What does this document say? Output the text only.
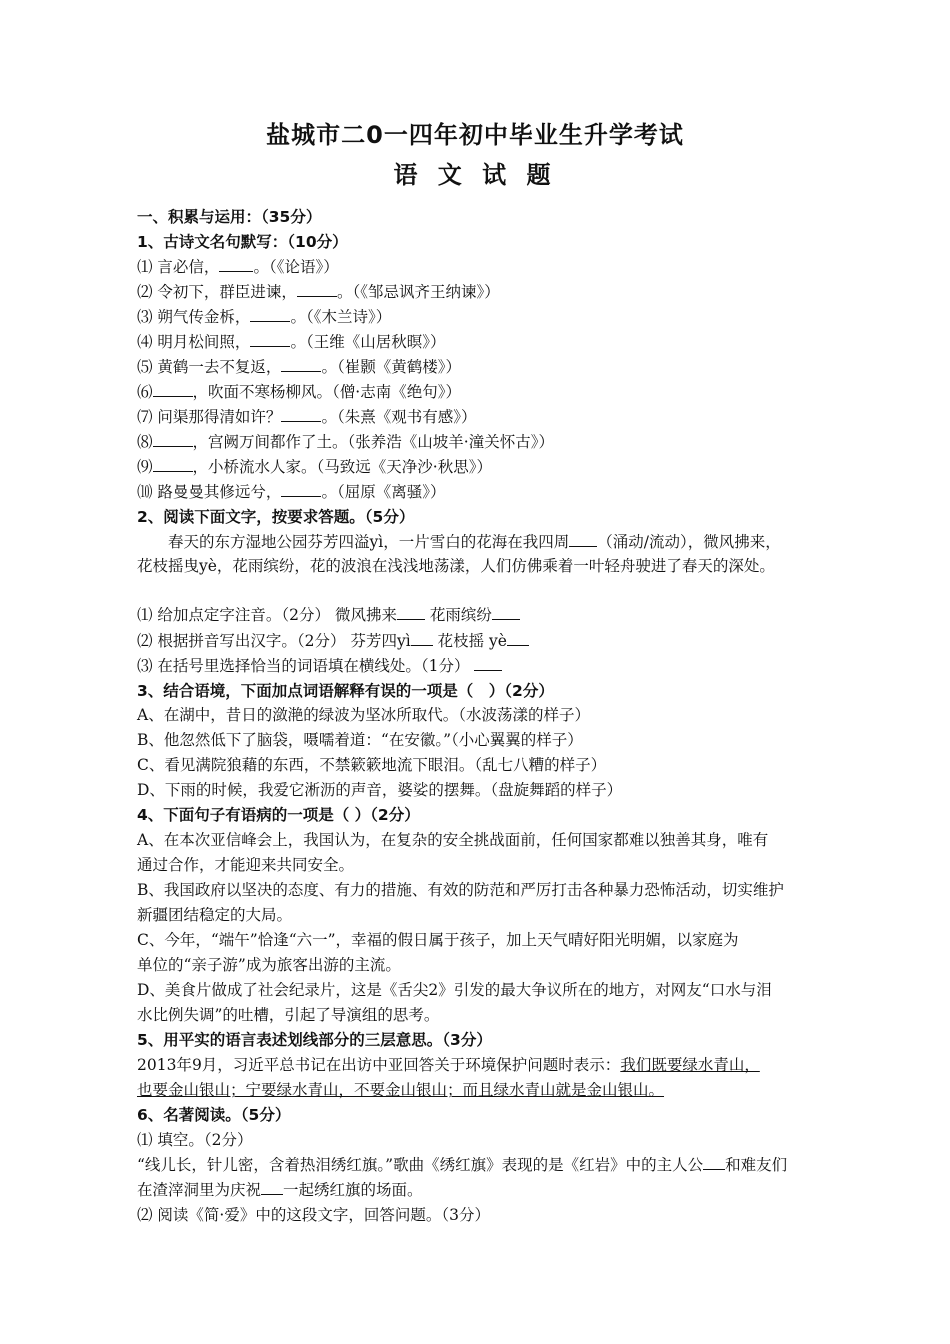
盐城市二0一四年初中毕业生升学考试
语 文 试 题
一、积累与运用：（35分）
1、古诗文名句默写：（10分）
⑴ 言必信， 。（《论语》）
⑵ 令初下，群臣进谏，	。（《邹忌讽齐王纳谏》）
⑶ 朔气传金柝，	。（《木兰诗》）
⑷ 明月松间照，	。（王维《山居秋暝》）
⑸ 黄鹤一去不复返，	。（崔颢《黄鹤楼》）
⑹	，吹面不寒杨柳风。（僧·志南《绝句》）
⑺ 问渠那得清如许？	。（朱熹《观书有感》）
⑻	，宫阙万间都作了土。（张养浩《山坡羊·潼关怀古》）
⑼	，小桥流水人家。（马致远《天净沙·秋思》）
⑽ 路曼曼其修远兮，	。（屈原《离骚》）
2、阅读下面文字，按要求答题。（5分）
春天的东方湿地公园芬芳四溢yì，一片雪白的花海在我四周 （涌动/流动），微风拂来，
花枝摇曳yè，花雨缤纷，花的波浪在浅浅地荡漾，人们仿佛乘着一叶轻舟驶进了春天的深处。
⑴ 给加点定字注音。（2分） 微风拂来 花雨缤纷
⑵ 根据拼音写出汉字。（2分） 芬芳四yì 花枝摇 yè
⑶ 在括号里选择恰当的词语填在横线处。（1分）
3、结合语境，下面加点词语解释有误的一项是（　）（2分）
A、在湖中，昔日的潋滟的绿波为坚冰所取代。（水波荡漾的样子）
B、他忽然低下了脑袋，嗫嚅着道：“在安徽。”（小心翼翼的样子）
C、看见满院狼藉的东西，不禁簌簌地流下眼泪。（乱七八糟的样子）
D、下雨的时候，我爱它淅沥的声音，婆娑的摆舞。（盘旋舞蹈的样子）
4、下面句子有语病的一项是（ ）（2分）
A、在本次亚信峰会上，我国认为，在复杂的安全挑战面前，任何国家都难以独善其身，唯有
通过合作，才能迎来共同安全。
B、我国政府以坚决的态度、有力的措施、有效的防范和严厉打击各种暴力恐怖活动，切实维护
新疆团结稳定的大局。
C、今年，“端午”恰逢“六一”，幸福的假日属于孩子，加上天气晴好阳光明媚，以家庭为
单位的“亲子游”成为旅客出游的主流。
D、美食片做成了社会纪录片，这是《舌尖2》引发的最大争议所在的地方，对网友“口水与泪
水比例失调”的吐槽，引起了导演组的思考。
5、用平实的语言表述划线部分的三层意思。（3分）
2013年9月，习近平总书记在出访中亚回答关于环境保护问题时表示：我们既要绿水青山，
也要金山银山；宁要绿水青山，不要金山银山；而且绿水青山就是金山银山。
6、名著阅读。（5分）
⑴ 填空。（2分）
“线儿长，针儿密，含着热泪绣红旗。”歌曲《绣红旗》表现的是《红岩》中的主人公 和难友们
在渣滓洞里为庆祝 一起绣红旗的场面。
⑵ 阅读《简·爱》中的这段文字，回答问题。（3分）
